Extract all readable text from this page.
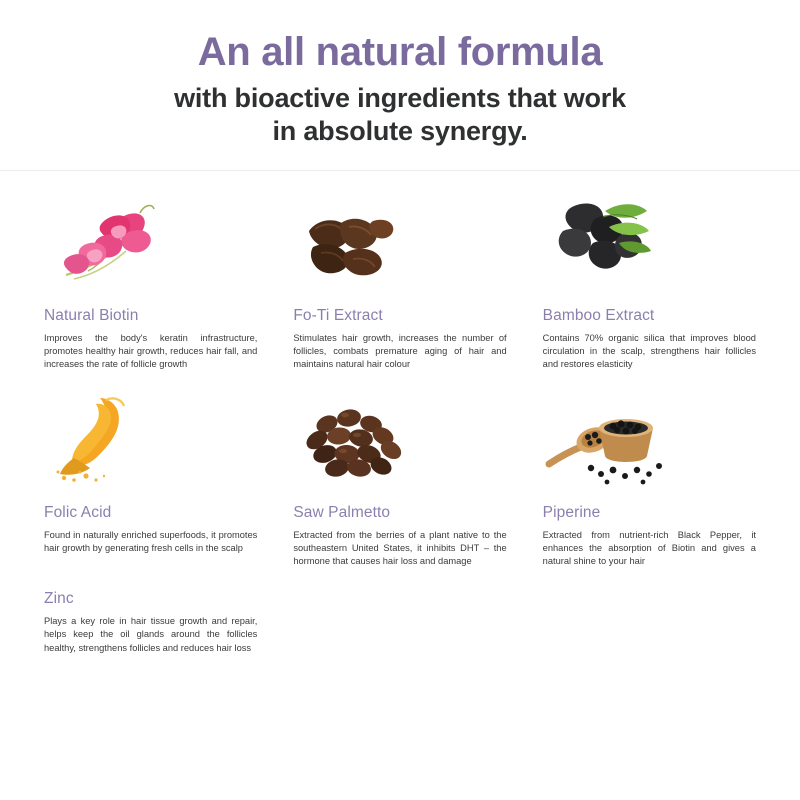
An all natural formula
with bioactive ingredients that work
in absolute synergy.
Natural Biotin
Improves the body's keratin infrastructure, promotes healthy hair growth, reduces hair fall, and increases the rate of follicle growth
Fo-Ti Extract
Stimulates hair growth, increases the number of follicles, combats premature aging of hair and maintains natural hair colour
Bamboo Extract
Contains 70% organic silica that improves blood circulation in the scalp, strengthens hair follicles and restores elasticity
Folic Acid
Found in naturally enriched superfoods, it promotes hair growth by generating fresh cells in the scalp
Saw Palmetto
Extracted from the berries of a plant native to the southeastern United States, it inhibits DHT – the hormone that causes hair loss and damage
Piperine
Extracted from nutrient-rich Black Pepper, it enhances the absorption of Biotin and gives a natural shine to your hair
Zinc
Plays a key role in hair tissue growth and repair, helps keep the oil glands around the follicles healthy, strengthens follicles and reduces hair loss
